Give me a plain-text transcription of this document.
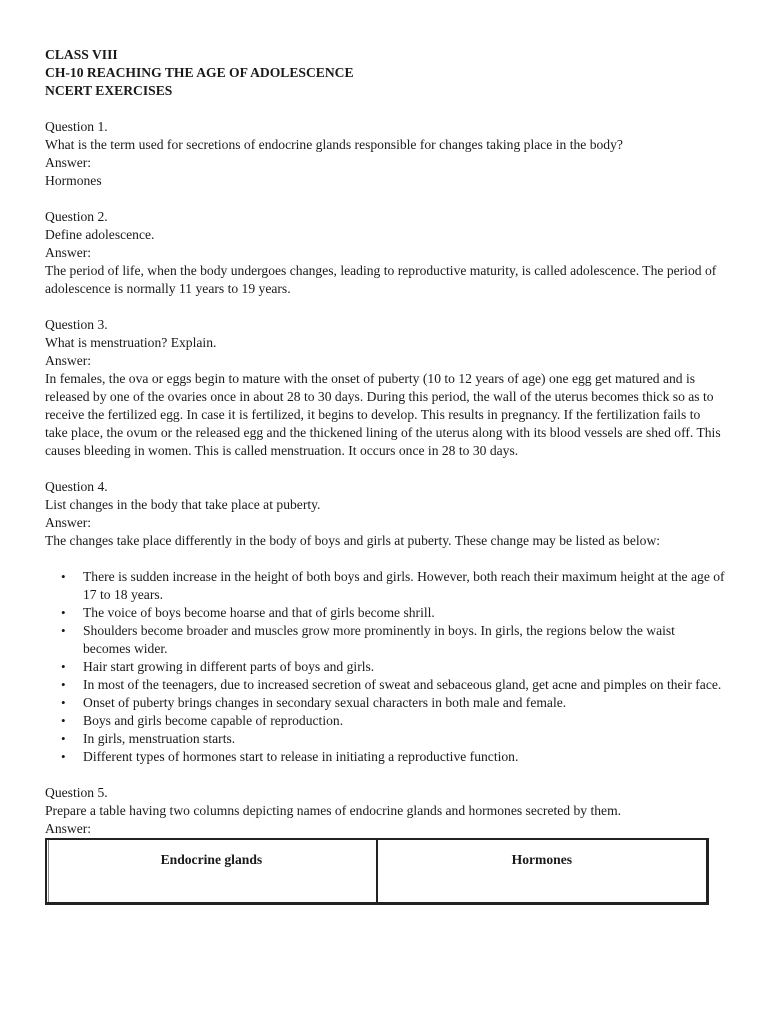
CLASS VIII
CH-10 REACHING THE AGE OF ADOLESCENCE
NCERT EXERCISES
Question 1.
What is the term used for secretions of endocrine glands responsible for changes taking place in the body?
Answer:
Hormones
Question 2.
Define adolescence.
Answer:
The period of life, when the body undergoes changes, leading to reproductive maturity, is called adolescence. The period of adolescence is normally 11 years to 19 years.
Question 3.
What is menstruation? Explain.
Answer:
In females, the ova or eggs begin to mature with the onset of puberty (10 to 12 years of age) one egg get matured and is released by one of the ovaries once in about 28 to 30 days. During this period, the wall of the uterus becomes thick so as to receive the fertilized egg. In case it is fertilized, it begins to develop. This results in pregnancy. If the fertilization fails to take place, the ovum or the released egg and the thickened lining of the uterus along with its blood vessels are shed off. This causes bleeding in women. This is called menstruation. It occurs once in 28 to 30 days.
Question 4.
List changes in the body that take place at puberty.
Answer:
The changes take place differently in the body of boys and girls at puberty. These change may be listed as below:
• There is sudden increase in the height of both boys and girls. However, both reach their maximum height at the age of 17 to 18 years.
• The voice of boys become hoarse and that of girls become shrill.
• Shoulders become broader and muscles grow more prominently in boys. In girls, the regions below the waist becomes wider.
• Hair start growing in different parts of boys and girls.
• In most of the teenagers, due to increased secretion of sweat and sebaceous gland, get acne and pimples on their face.
• Onset of puberty brings changes in secondary sexual characters in both male and female.
• Boys and girls become capable of reproduction.
• In girls, menstruation starts.
• Different types of hormones start to release in initiating a reproductive function.
Question 5.
Prepare a table having two columns depicting names of endocrine glands and hormones secreted by them.
Answer:
Endocrine glands	Hormones
